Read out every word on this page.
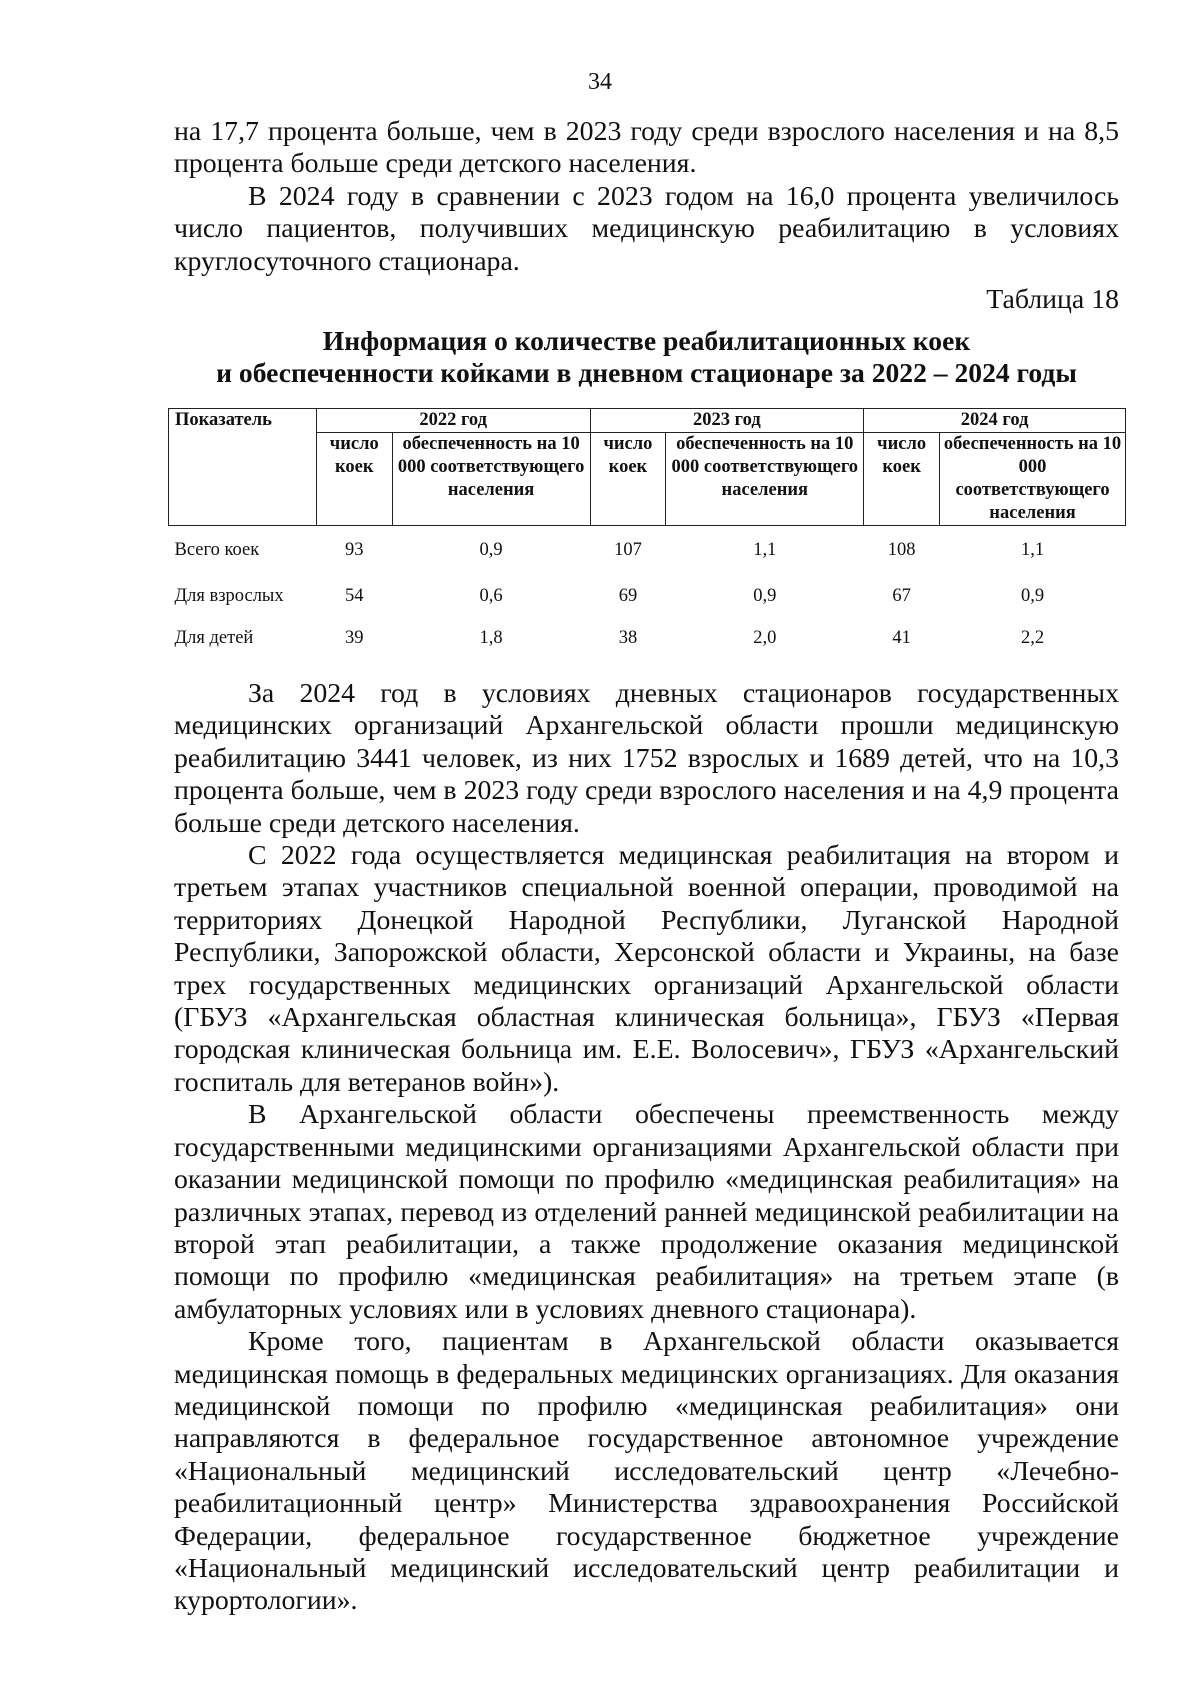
34

на 17,7 процента больше, чем в 2023 году среди взрослого населения и на 8,5 процента больше среди детского населения.

В 2024 году в сравнении с 2023 годом на 16,0 процента увеличилось число пациентов, получивших медицинскую реабилитацию в условиях круглосуточного стационара.

Таблица 18

Информация о количестве реабилитационных коек

и обеспеченности койками в дневном стационаре за 2022 – 2024 годы

Показатель	2022 год		2023 год		2024 год	
	число коек	обеспеченность на 10 000 соответствующего населения	число коек	обеспеченность на 10 000 соответствующего населения	число коек	обеспеченность на 10 000 соответствующего населения
Всего коек	93	0,9	107	1,1	108	1,1
Для взрослых	54	0,6	69	0,9	67	0,9
Для детей	39	1,8	38	2,0	41	2,2

За 2024 год в условиях дневных стационаров государственных медицинских организаций Архангельской области прошли медицинскую реабилитацию 3441 человек, из них 1752 взрослых и 1689 детей, что на 10,3 процента больше, чем в 2023 году среди взрослого населения и на 4,9 процента больше среди детского населения.

С 2022 года осуществляется медицинская реабилитация на втором и третьем этапах участников специальной военной операции, проводимой на территориях Донецкой Народной Республики, Луганской Народной Республики, Запорожской области, Херсонской области и Украины, на базе трех государственных медицинских организаций Архангельской области (ГБУЗ «Архангельская областная клиническая больница», ГБУЗ «Первая городская клиническая больница им. Е.Е. Волосевич», ГБУЗ «Архангельский госпиталь для ветеранов войн»).

В Архангельской области обеспечены преемственность между государственными медицинскими организациями Архангельской области при оказании медицинской помощи по профилю «медицинская реабилитация» на различных этапах, перевод из отделений ранней медицинской реабилитации на второй этап реабилитации, а также продолжение оказания медицинской помощи по профилю «медицинская реабилитация» на третьем этапе (в амбулаторных условиях или в условиях дневного стационара).

Кроме того, пациентам в Архангельской области оказывается медицинская помощь в федеральных медицинских организациях. Для оказания медицинской помощи по профилю «медицинская реабилитация» они направляются в федеральное государственное автономное учреждение «Национальный медицинский исследовательский центр «Лечебно-реабилитационный центр» Министерства здравоохранения Российской Федерации, федеральное государственное бюджетное учреждение «Национальный медицинский исследовательский центр реабилитации и курортологии».
